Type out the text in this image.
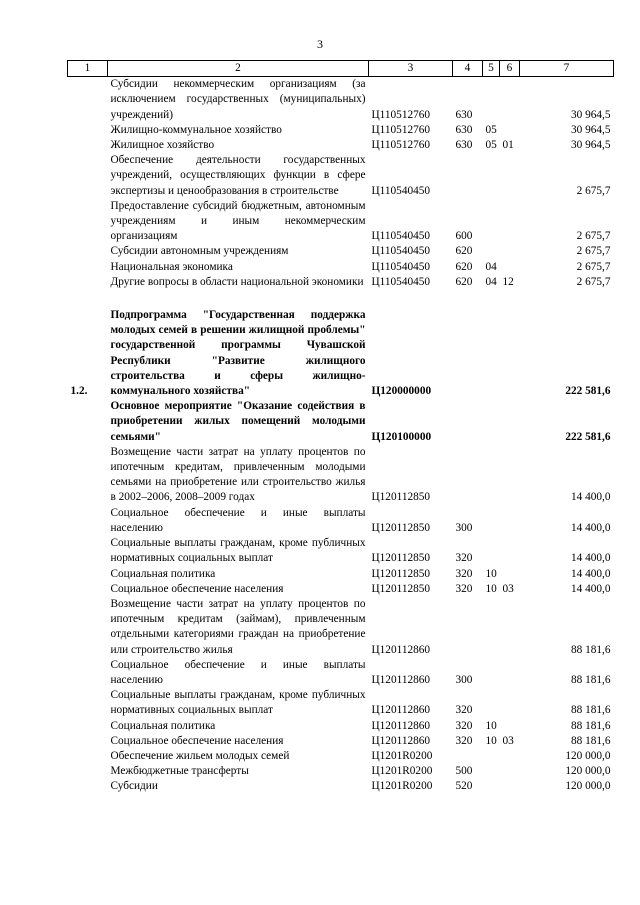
3
1	2	3	4	5	6	7
	Субсидии некоммерческим организациям (за исключением государственных (муниципальных) учреждений)	Ц110512760	630			30 964,5
	Жилищно-коммунальное хозяйство	Ц110512760	630	05		30 964,5
	Жилищное хозяйство	Ц110512760	630	05	01	30 964,5
	Обеспечение деятельности государственных учреждений, осуществляющих функции в сфере экспертизы и ценообразования в строительстве	Ц110540450				2 675,7
	Предоставление субсидий бюджетным, автономным учреждениям и иным некоммерческим организациям	Ц110540450	600			2 675,7
	Субсидии автономным учреждениям	Ц110540450	620			2 675,7
	Национальная экономика	Ц110540450	620	04		2 675,7
	Другие вопросы в области национальной экономики	Ц110540450	620	04	12	2 675,7

1.2.	Подпрограмма "Государственная поддержка молодых семей в решении жилищной проблемы" государственной программы Чувашской Республики "Развитие жилищного строительства и сферы жилищно-коммунального хозяйства"	Ц120000000				222 581,6
	Основное мероприятие "Оказание содействия в приобретении жилых помещений молодыми семьями"	Ц120100000				222 581,6
	Возмещение части затрат на уплату процентов по ипотечным кредитам, привлеченным молодыми семьями на приобретение или строительство жилья в 2002–2006, 2008–2009 годах	Ц120112850				14 400,0
	Социальное обеспечение и иные выплаты населению	Ц120112850	300			14 400,0
	Социальные выплаты гражданам, кроме публичных нормативных социальных выплат	Ц120112850	320			14 400,0
	Социальная политика	Ц120112850	320	10		14 400,0
	Социальное обеспечение населения	Ц120112850	320	10	03	14 400,0
	Возмещение части затрат на уплату процентов по ипотечным кредитам (займам), привлеченным отдельными категориями граждан на приобретение или строительство жилья	Ц120112860				88 181,6
	Социальное обеспечение и иные выплаты населению	Ц120112860	300			88 181,6
	Социальные выплаты гражданам, кроме публичных нормативных социальных выплат	Ц120112860	320			88 181,6
	Социальная политика	Ц120112860	320	10		88 181,6
	Социальное обеспечение населения	Ц120112860	320	10	03	88 181,6
	Обеспечение жильем молодых семей	Ц1201R0200				120 000,0
	Межбюджетные трансферты	Ц1201R0200	500			120 000,0
	Субсидии	Ц1201R0200	520			120 000,0
